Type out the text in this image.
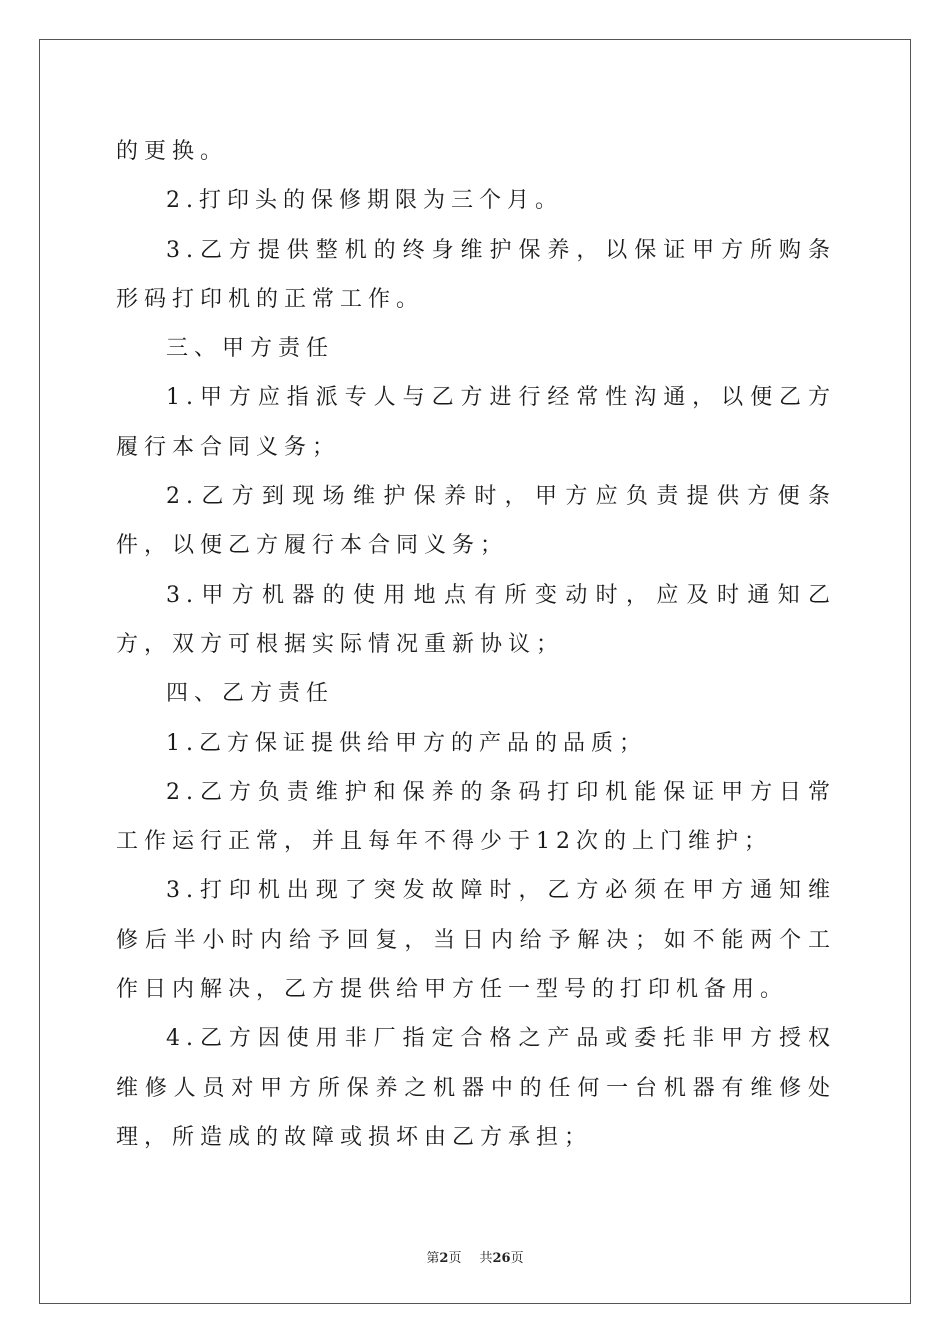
的更换。

2.打印头的保修期限为三个月。

3.乙方提供整机的终身维护保养，以保证甲方所购条形码打印机的正常工作。

三、甲方责任

1.甲方应指派专人与乙方进行经常性沟通，以便乙方履行本合同义务；

2.乙方到现场维护保养时，甲方应负责提供方便条件，以便乙方履行本合同义务；

3.甲方机器的使用地点有所变动时，应及时通知乙方，双方可根据实际情况重新协议；

四、乙方责任

1.乙方保证提供给甲方的产品的品质；

2.乙方负责维护和保养的条码打印机能保证甲方日常工作运行正常，并且每年不得少于12次的上门维护；

3.打印机出现了突发故障时，乙方必须在甲方通知维修后半小时内给予回复，当日内给予解决；如不能两个工作日内解决，乙方提供给甲方任一型号的打印机备用。

4.乙方因使用非厂指定合格之产品或委托非甲方授权维修人员对甲方所保养之机器中的任何一台机器有维修处理，所造成的故障或损坏由乙方承担；

第2页 共26页
